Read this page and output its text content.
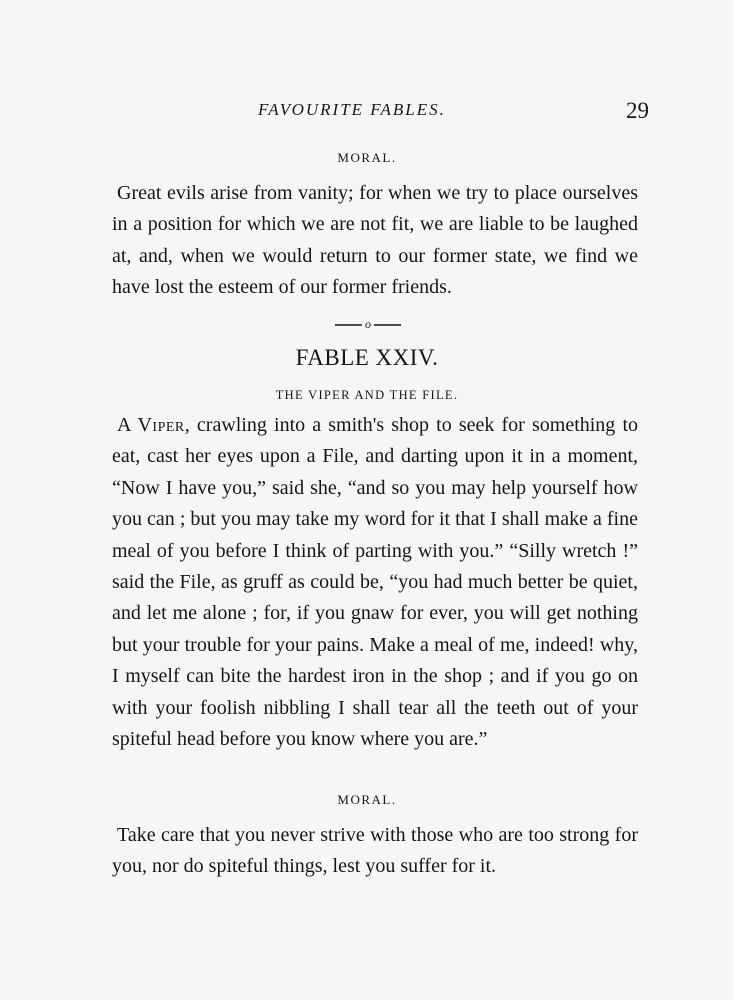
FAVOURITE FABLES.	29
MORAL.

Great evils arise from vanity; for when we try to place ourselves in a position for which we are not fit, we are liable to be laughed at, and, when we would return to our former state, we find we have lost the esteem of our former friends.

o
FABLE XXIV.
THE VIPER AND THE FILE.

A Viper, crawling into a smith's shop to seek for something to eat, cast her eyes upon a File, and darting upon it in a moment, “Now I have you,” said she, “and so you may help yourself how you can ; but you may take my word for it that I shall make a fine meal of you before I think of parting with you.” “Silly wretch !” said the File, as gruff as could be, “you had much better be quiet, and let me alone ; for, if you gnaw for ever, you will get nothing but your trouble for your pains. Make a meal of me, indeed! why, I myself can bite the hardest iron in the shop ; and if you go on with your foolish nibbling I shall tear all the teeth out of your spiteful head before you know where you are.”

MORAL.

Take care that you never strive with those who are too strong for you, nor do spiteful things, lest you suffer for it.
